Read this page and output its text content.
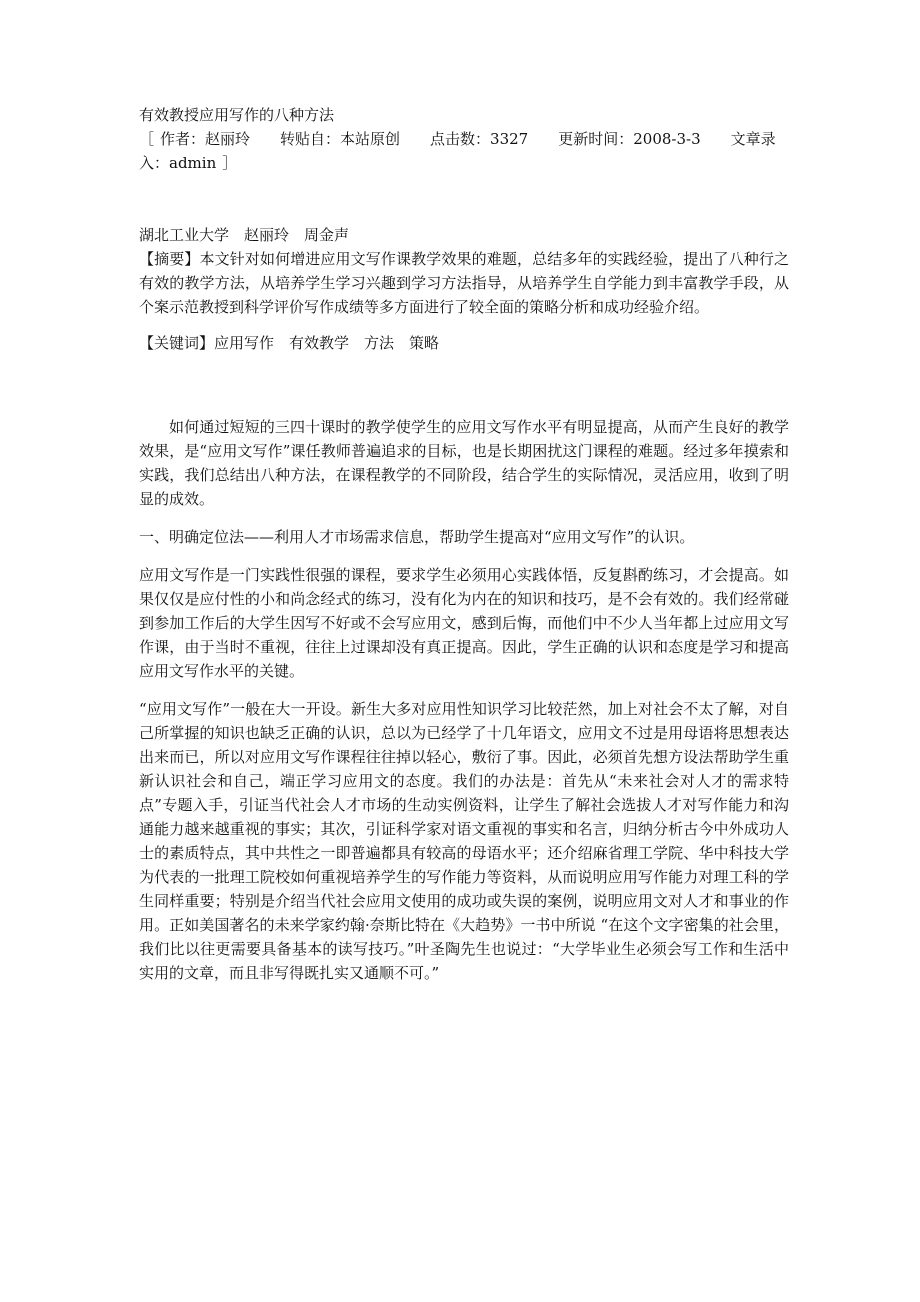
有效教授应用写作的八种方法

［ 作者：赵丽玲 转贴自：本站原创 点击数：3327 更新时间：2008-3-3 文章录入：admin ］

湖北工业大学　赵丽玲　周金声

【摘要】本文针对如何增进应用文写作课教学效果的难题，总结多年的实践经验，提出了八种行之有效的教学方法，从培养学生学习兴趣到学习方法指导，从培养学生自学能力到丰富教学手段，从个案示范教授到科学评价写作成绩等多方面进行了较全面的策略分析和成功经验介绍。

【关键词】应用写作　有效教学　方法　策略

如何通过短短的三四十课时的教学使学生的应用文写作水平有明显提高，从而产生良好的教学效果，是“应用文写作”课任教师普遍追求的目标，也是长期困扰这门课程的难题。经过多年摸索和实践，我们总结出八种方法，在课程教学的不同阶段，结合学生的实际情况，灵活应用，收到了明显的成效。

一、明确定位法——利用人才市场需求信息，帮助学生提高对“应用文写作”的认识。

应用文写作是一门实践性很强的课程，要求学生必须用心实践体悟，反复斟酌练习，才会提高。如果仅仅是应付性的小和尚念经式的练习，没有化为内在的知识和技巧，是不会有效的。我们经常碰到参加工作后的大学生因写不好或不会写应用文，感到后悔，而他们中不少人当年都上过应用文写作课，由于当时不重视，往往上过课却没有真正提高。因此，学生正确的认识和态度是学习和提高应用文写作水平的关键。

“应用文写作”一般在大一开设。新生大多对应用性知识学习比较茫然，加上对社会不太了解，对自己所掌握的知识也缺乏正确的认识，总以为已经学了十几年语文，应用文不过是用母语将思想表达出来而已，所以对应用文写作课程往往掉以轻心，敷衍了事。因此，必须首先想方设法帮助学生重新认识社会和自己，端正学习应用文的态度。我们的办法是：首先从“未来社会对人才的需求特点”专题入手，引证当代社会人才市场的生动实例资料，让学生了解社会选拔人才对写作能力和沟通能力越来越重视的事实；其次，引证科学家对语文重视的事实和名言，归纳分析古今中外成功人士的素质特点，其中共性之一即普遍都具有较高的母语水平；还介绍麻省理工学院、华中科技大学为代表的一批理工院校如何重视培养学生的写作能力等资料，从而说明应用写作能力对理工科的学生同样重要；特别是介绍当代社会应用文使用的成功或失误的案例，说明应用文对人才和事业的作用。正如美国著名的未来学家约翰·奈斯比特在《大趋势》一书中所说 “在这个文字密集的社会里，我们比以往更需要具备基本的读写技巧。”叶圣陶先生也说过：“大学毕业生必须会写工作和生活中实用的文章，而且非写得既扎实又通顺不可。”
